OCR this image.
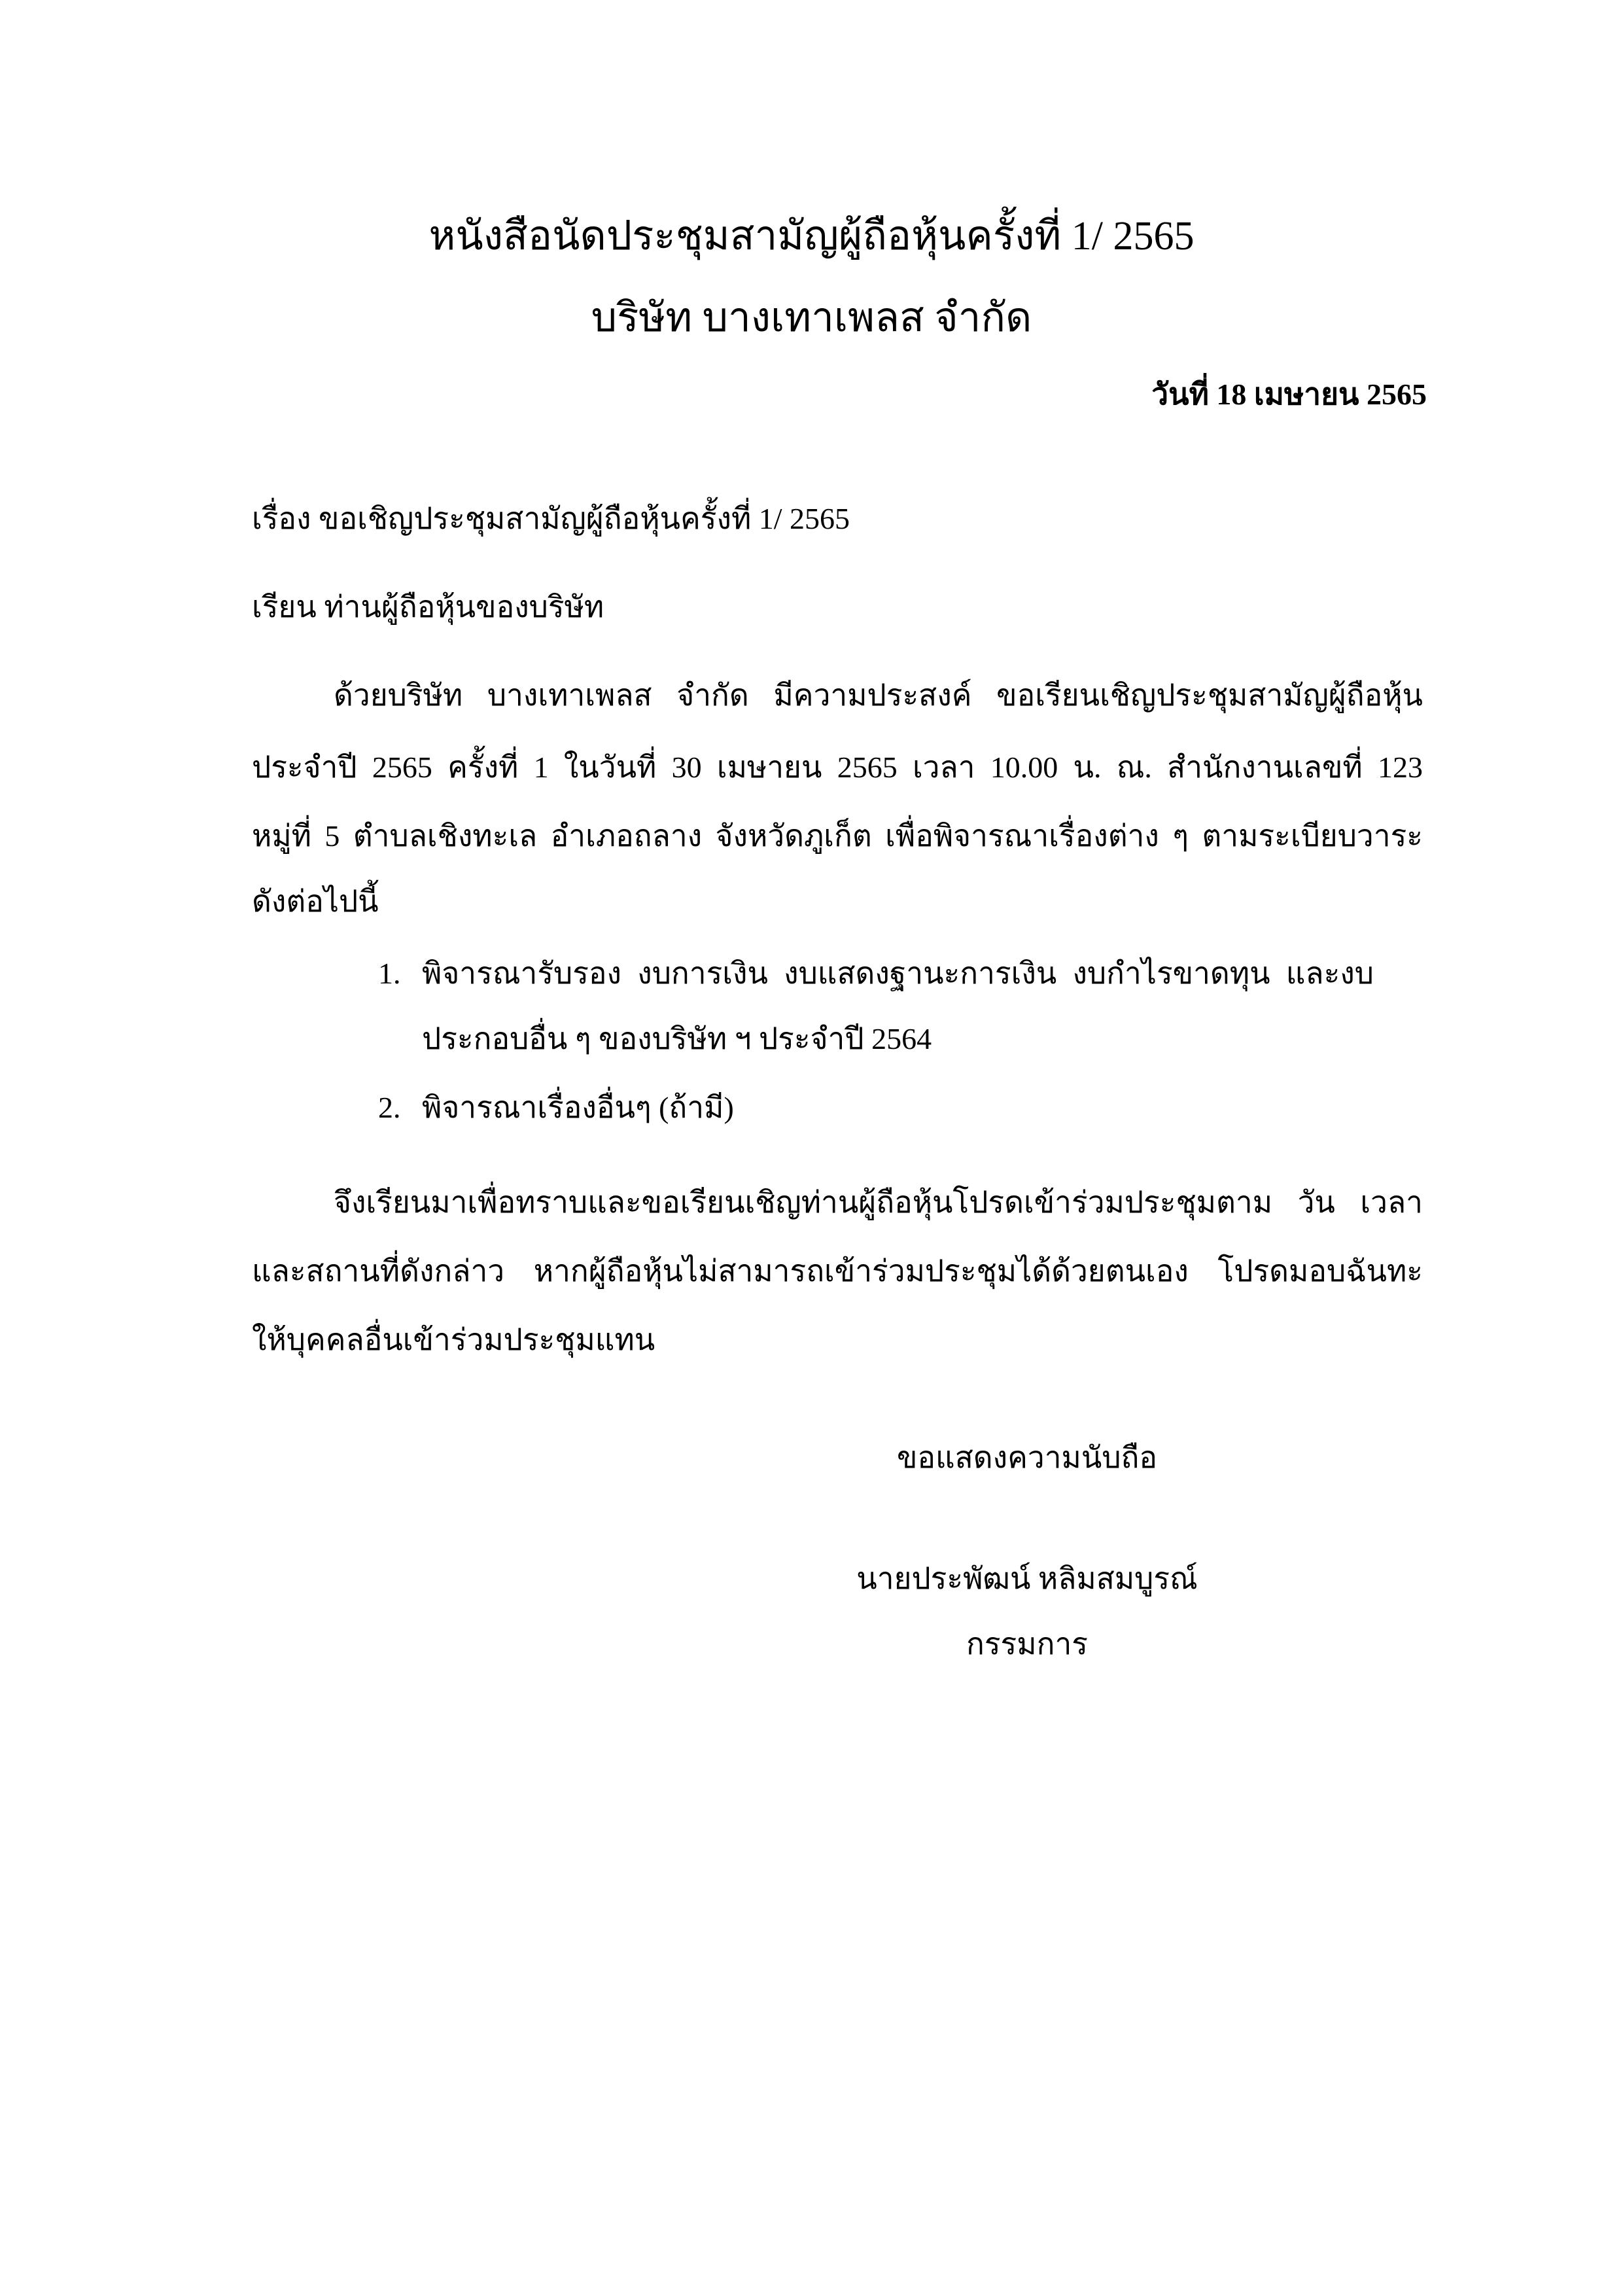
หนังสือนัดประชุมสามัญผู้ถือหุ้นครั้งที่ 1/ 2565
บริษัท บางเทาเพลส จำกัด
วันที่ 18 เมษายน 2565
เรื่อง ขอเชิญประชุมสามัญผู้ถือหุ้นครั้งที่ 1/ 2565
เรียน ท่านผู้ถือหุ้นของบริษัท
ด้วยบริษัท บางเทาเพลส จำกัด มีความประสงค์ ขอเรียนเชิญประชุมสามัญผู้ถือหุ้น
ประจำปี 2565 ครั้งที่ 1 ในวันที่ 30 เมษายน 2565 เวลา 10.00 น. ณ. สำนักงานเลขที่ 123
หมู่ที่ 5 ตำบลเชิงทะเล อำเภอถลาง จังหวัดภูเก็ต เพื่อพิจารณาเรื่องต่าง ๆ ตามระเบียบวาระ
ดังต่อไปนี้
1. พิจารณารับรอง งบการเงิน งบแสดงฐานะการเงิน งบกำไรขาดทุน และงบ
ประกอบอื่น ๆ ของบริษัท ฯ ประจำปี 2564
2. พิจารณาเรื่องอื่นๆ (ถ้ามี)
จึงเรียนมาเพื่อทราบและขอเรียนเชิญท่านผู้ถือหุ้นโปรดเข้าร่วมประชุมตาม วัน เวลา
และสถานที่ดังกล่าว หากผู้ถือหุ้นไม่สามารถเข้าร่วมประชุมได้ด้วยตนเอง โปรดมอบฉันทะ
ให้บุคคลอื่นเข้าร่วมประชุมแทน
ขอแสดงความนับถือ
นายประพัฒน์ หลิมสมบูรณ์
กรรมการ
